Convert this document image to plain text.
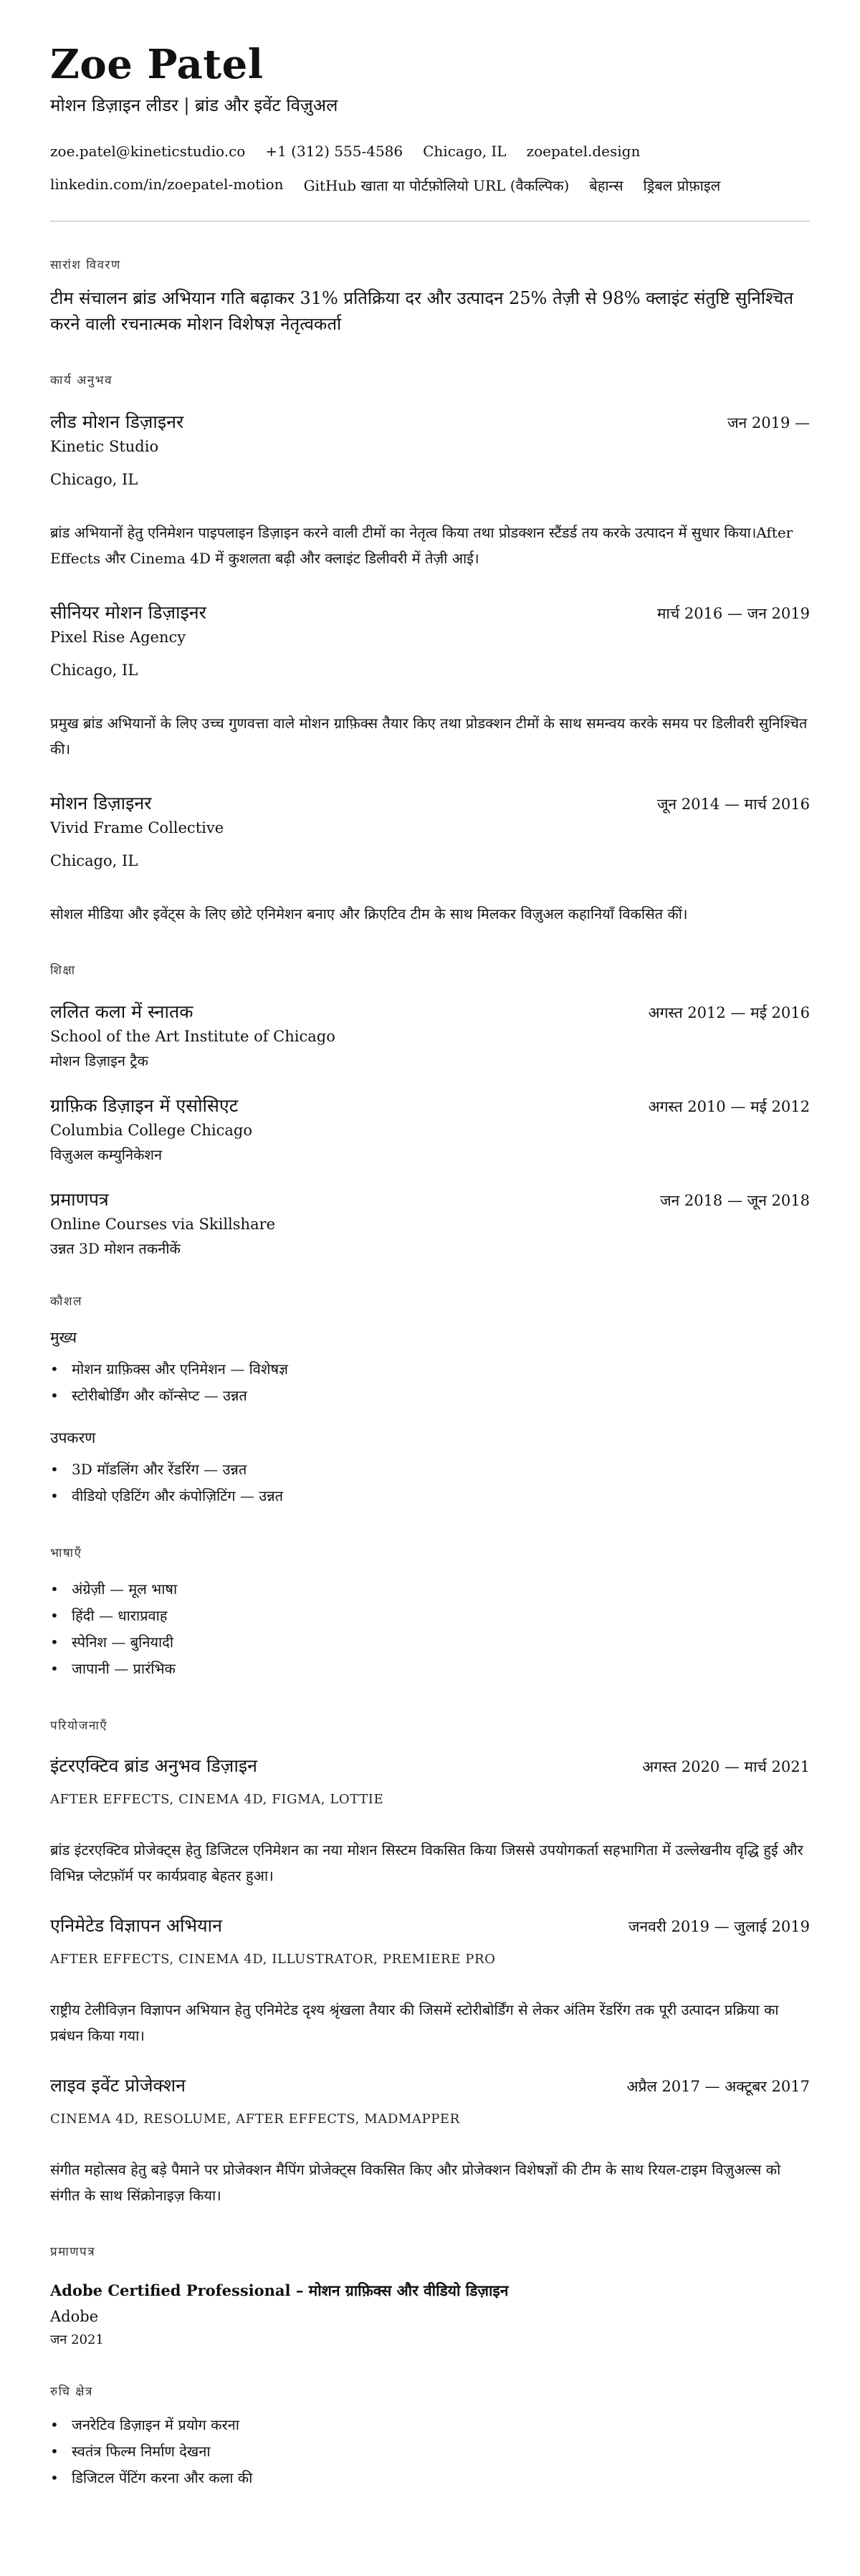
Zoe Patel
मोशन डिज़ाइन लीडर | ब्रांड और इवेंट विज़ुअल
zoe.patel@kineticstudio.co +1 (312) 555-4586 Chicago, IL zoepatel.design
linkedin.com/in/zoepatel-motion GitHub खाता या पोर्टफ़ोलियो URL (वैकल्पिक) बेहान्स ड्रिबल प्रोफ़ाइल
सारांश विवरण
टीम संचालन ब्रांड अभियान गति बढ़ाकर 31% प्रतिक्रिया दर और उत्पादन 25% तेज़ी से 98% क्लाइंट संतुष्टि सुनिश्चित करने वाली रचनात्मक मोशन विशेषज्ञ नेतृत्वकर्ता
कार्य अनुभव
लीड मोशन डिज़ाइनर	जन 2019 —
Kinetic Studio
Chicago, IL
ब्रांड अभियानों हेतु एनिमेशन पाइपलाइन डिज़ाइन करने वाली टीमों का नेतृत्व किया तथा प्रोडक्शन स्टैंडर्ड तय करके उत्पादन में सुधार किया।After Effects और Cinema 4D में कुशलता बढ़ी और क्लाइंट डिलीवरी में तेज़ी आई।
सीनियर मोशन डिज़ाइनर	मार्च 2016 — जन 2019
Pixel Rise Agency
Chicago, IL
प्रमुख ब्रांड अभियानों के लिए उच्च गुणवत्ता वाले मोशन ग्राफ़िक्स तैयार किए तथा प्रोडक्शन टीमों के साथ समन्वय करके समय पर डिलीवरी सुनिश्चित की।
मोशन डिज़ाइनर	जून 2014 — मार्च 2016
Vivid Frame Collective
Chicago, IL
सोशल मीडिया और इवेंट्स के लिए छोटे एनिमेशन बनाए और क्रिएटिव टीम के साथ मिलकर विज़ुअल कहानियाँ विकसित कीं।
शिक्षा
ललित कला में स्नातक	अगस्त 2012 — मई 2016
School of the Art Institute of Chicago
मोशन डिज़ाइन ट्रैक
ग्राफ़िक डिज़ाइन में एसोसिएट	अगस्त 2010 — मई 2012
Columbia College Chicago
विज़ुअल कम्युनिकेशन
प्रमाणपत्र	जन 2018 — जून 2018
Online Courses via Skillshare
उन्नत 3D मोशन तकनीकें
कौशल
मुख्य
• मोशन ग्राफ़िक्स और एनिमेशन — विशेषज्ञ
• स्टोरीबोर्डिंग और कॉन्सेप्ट — उन्नत
उपकरण
• 3D मॉडलिंग और रेंडरिंग — उन्नत
• वीडियो एडिटिंग और कंपोज़िटिंग — उन्नत
भाषाएँ
• अंग्रेज़ी — मूल भाषा
• हिंदी — धाराप्रवाह
• स्पेनिश — बुनियादी
• जापानी — प्रारंभिक
परियोजनाएँ
इंटरएक्टिव ब्रांड अनुभव डिज़ाइन	अगस्त 2020 — मार्च 2021
AFTER EFFECTS, CINEMA 4D, FIGMA, LOTTIE
ब्रांड इंटरएक्टिव प्रोजेक्ट्स हेतु डिजिटल एनिमेशन का नया मोशन सिस्टम विकसित किया जिससे उपयोगकर्ता सहभागिता में उल्लेखनीय वृद्धि हुई और विभिन्न प्लेटफ़ॉर्म पर कार्यप्रवाह बेहतर हुआ।
एनिमेटेड विज्ञापन अभियान	जनवरी 2019 — जुलाई 2019
AFTER EFFECTS, CINEMA 4D, ILLUSTRATOR, PREMIERE PRO
राष्ट्रीय टेलीविज़न विज्ञापन अभियान हेतु एनिमेटेड दृश्य श्रृंखला तैयार की जिसमें स्टोरीबोर्डिंग से लेकर अंतिम रेंडरिंग तक पूरी उत्पादन प्रक्रिया का प्रबंधन किया गया।
लाइव इवेंट प्रोजेक्शन	अप्रैल 2017 — अक्टूबर 2017
CINEMA 4D, RESOLUME, AFTER EFFECTS, MADMAPPER
संगीत महोत्सव हेतु बड़े पैमाने पर प्रोजेक्शन मैपिंग प्रोजेक्ट्स विकसित किए और प्रोजेक्शन विशेषज्ञों की टीम के साथ रियल-टाइम विज़ुअल्स को संगीत के साथ सिंक्रोनाइज़ किया।
प्रमाणपत्र
Adobe Certified Professional – मोशन ग्राफ़िक्स और वीडियो डिज़ाइन
Adobe
जन 2021
रुचि क्षेत्र
• जनरेटिव डिज़ाइन में प्रयोग करना
• स्वतंत्र फिल्म निर्माण देखना
• डिजिटल पेंटिंग करना और कला की
